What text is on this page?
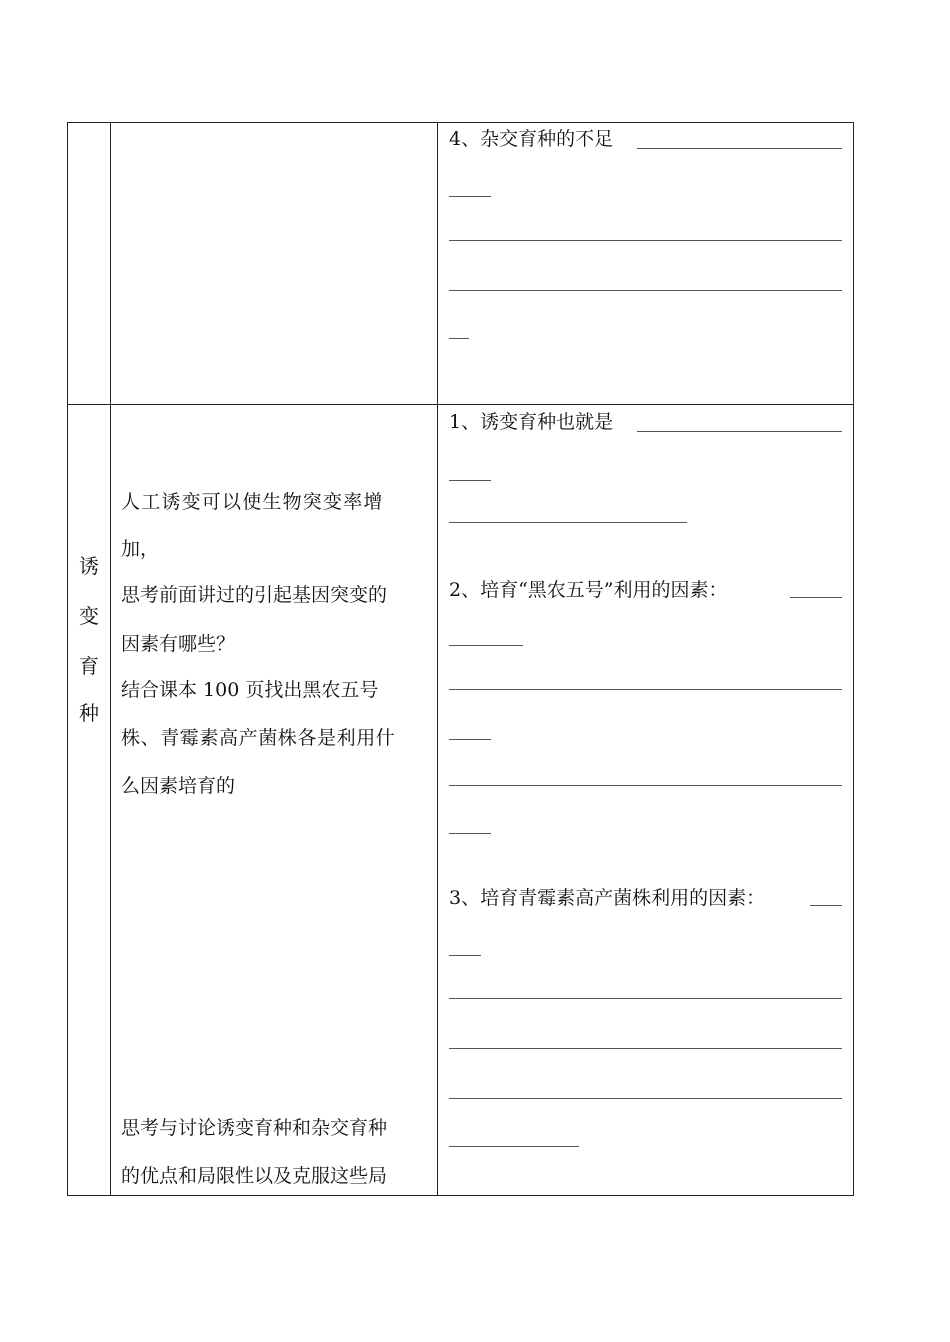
4、杂交育种的不足
诱
变
育
种
人工诱变可以使生物突变率增
加，
思考前面讲过的引起基因突变的
因素有哪些？
结合课本 100 页找出黑农五号
株、青霉素高产菌株各是利用什
么因素培育的
思考与讨论诱变育种和杂交育种
的优点和局限性以及克服这些局
1、诱变育种也就是
2、培育“黑农五号”利用的因素：
3、培育青霉素高产菌株利用的因素：
